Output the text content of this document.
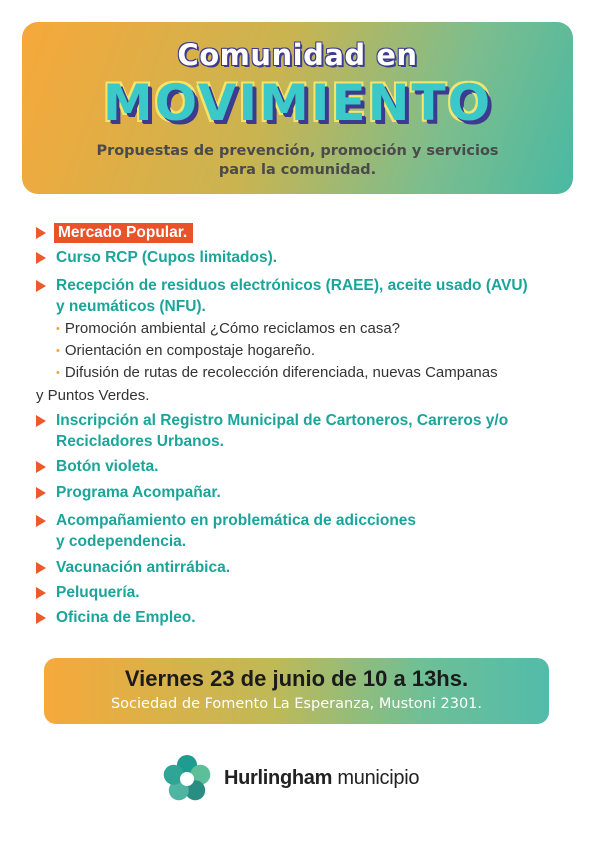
Comunidad en
MOVIMIENTO
Propuestas de prevención, promoción y servicios
para la comunidad.
Mercado Popular.
Curso RCP (Cupos limitados).
Recepción de residuos electrónicos (RAEE), aceite usado (AVU)
y neumáticos (NFU).
• Promoción ambiental ¿Cómo reciclamos en casa?
• Orientación en compostaje hogareño.
• Difusión de rutas de recolección diferenciada, nuevas Campanas
y Puntos Verdes.
Inscripción al Registro Municipal de Cartoneros, Carreros y/o
Recicladores Urbanos.
Botón violeta.
Programa Acompañar.
Acompañamiento en problemática de adicciones
y codependencia.
Vacunación antirrábica.
Peluquería.
Oficina de Empleo.
Viernes 23 de junio de 10 a 13hs.
Sociedad de Fomento La Esperanza, Mustoni 2301.
Hurlingham municipio
